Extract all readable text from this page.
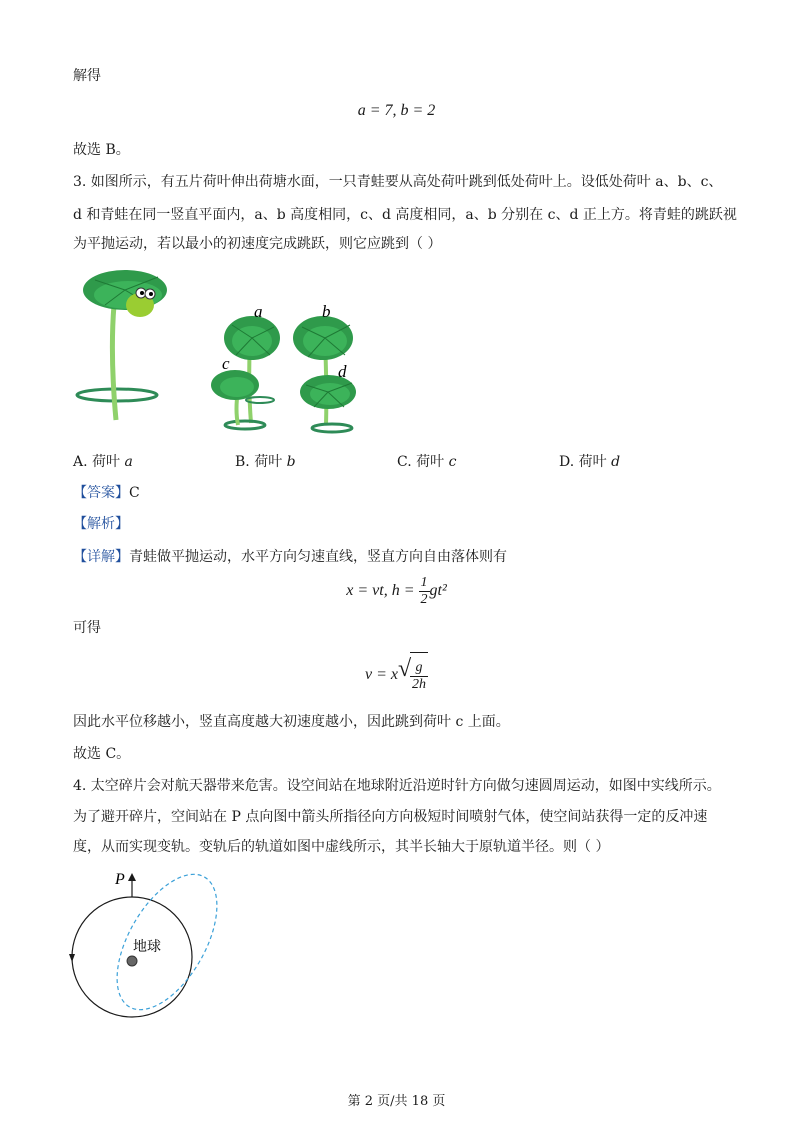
解得
a = 7, b = 2
故选 B。
3. 如图所示，有五片荷叶伸出荷塘水面，一只青蛙要从高处荷叶跳到低处荷叶上。设低处荷叶 a、b、c、
d 和青蛙在同一竖直平面内，a、b 高度相同，c、d 高度相同，a、b 分别在 c、d 正上方。将青蛙的跳跃视
为平抛运动，若以最小的初速度完成跳跃，则它应跳到（ ）
a	b
c	d
A. 荷叶 a	B. 荷叶 b	C. 荷叶 c	D. 荷叶 d
【答案】C
【解析】
【详解】青蛙做平抛运动，水平方向匀速直线，竖直方向自由落体则有
x = vt, $h = \frac{1}{2} gt^2$
可得
v = x √
$\frac{g}{2h}$
因此水平位移越小，竖直高度越大初速度越小，因此跳到荷叶 c 上面。
故选 C。
4. 太空碎片会对航天器带来危害。设空间站在地球附近沿逆时针方向做匀速圆周运动，如图中实线所示。
为了避开碎片，空间站在 P 点向图中箭头所指径向方向极短时间喷射气体，使空间站获得一定的反冲速
度，从而实现变轨。变轨后的轨道如图中虚线所示，其半长轴大于原轨道半径。则（ ）
P
地球
第 2 页/共 18 页
